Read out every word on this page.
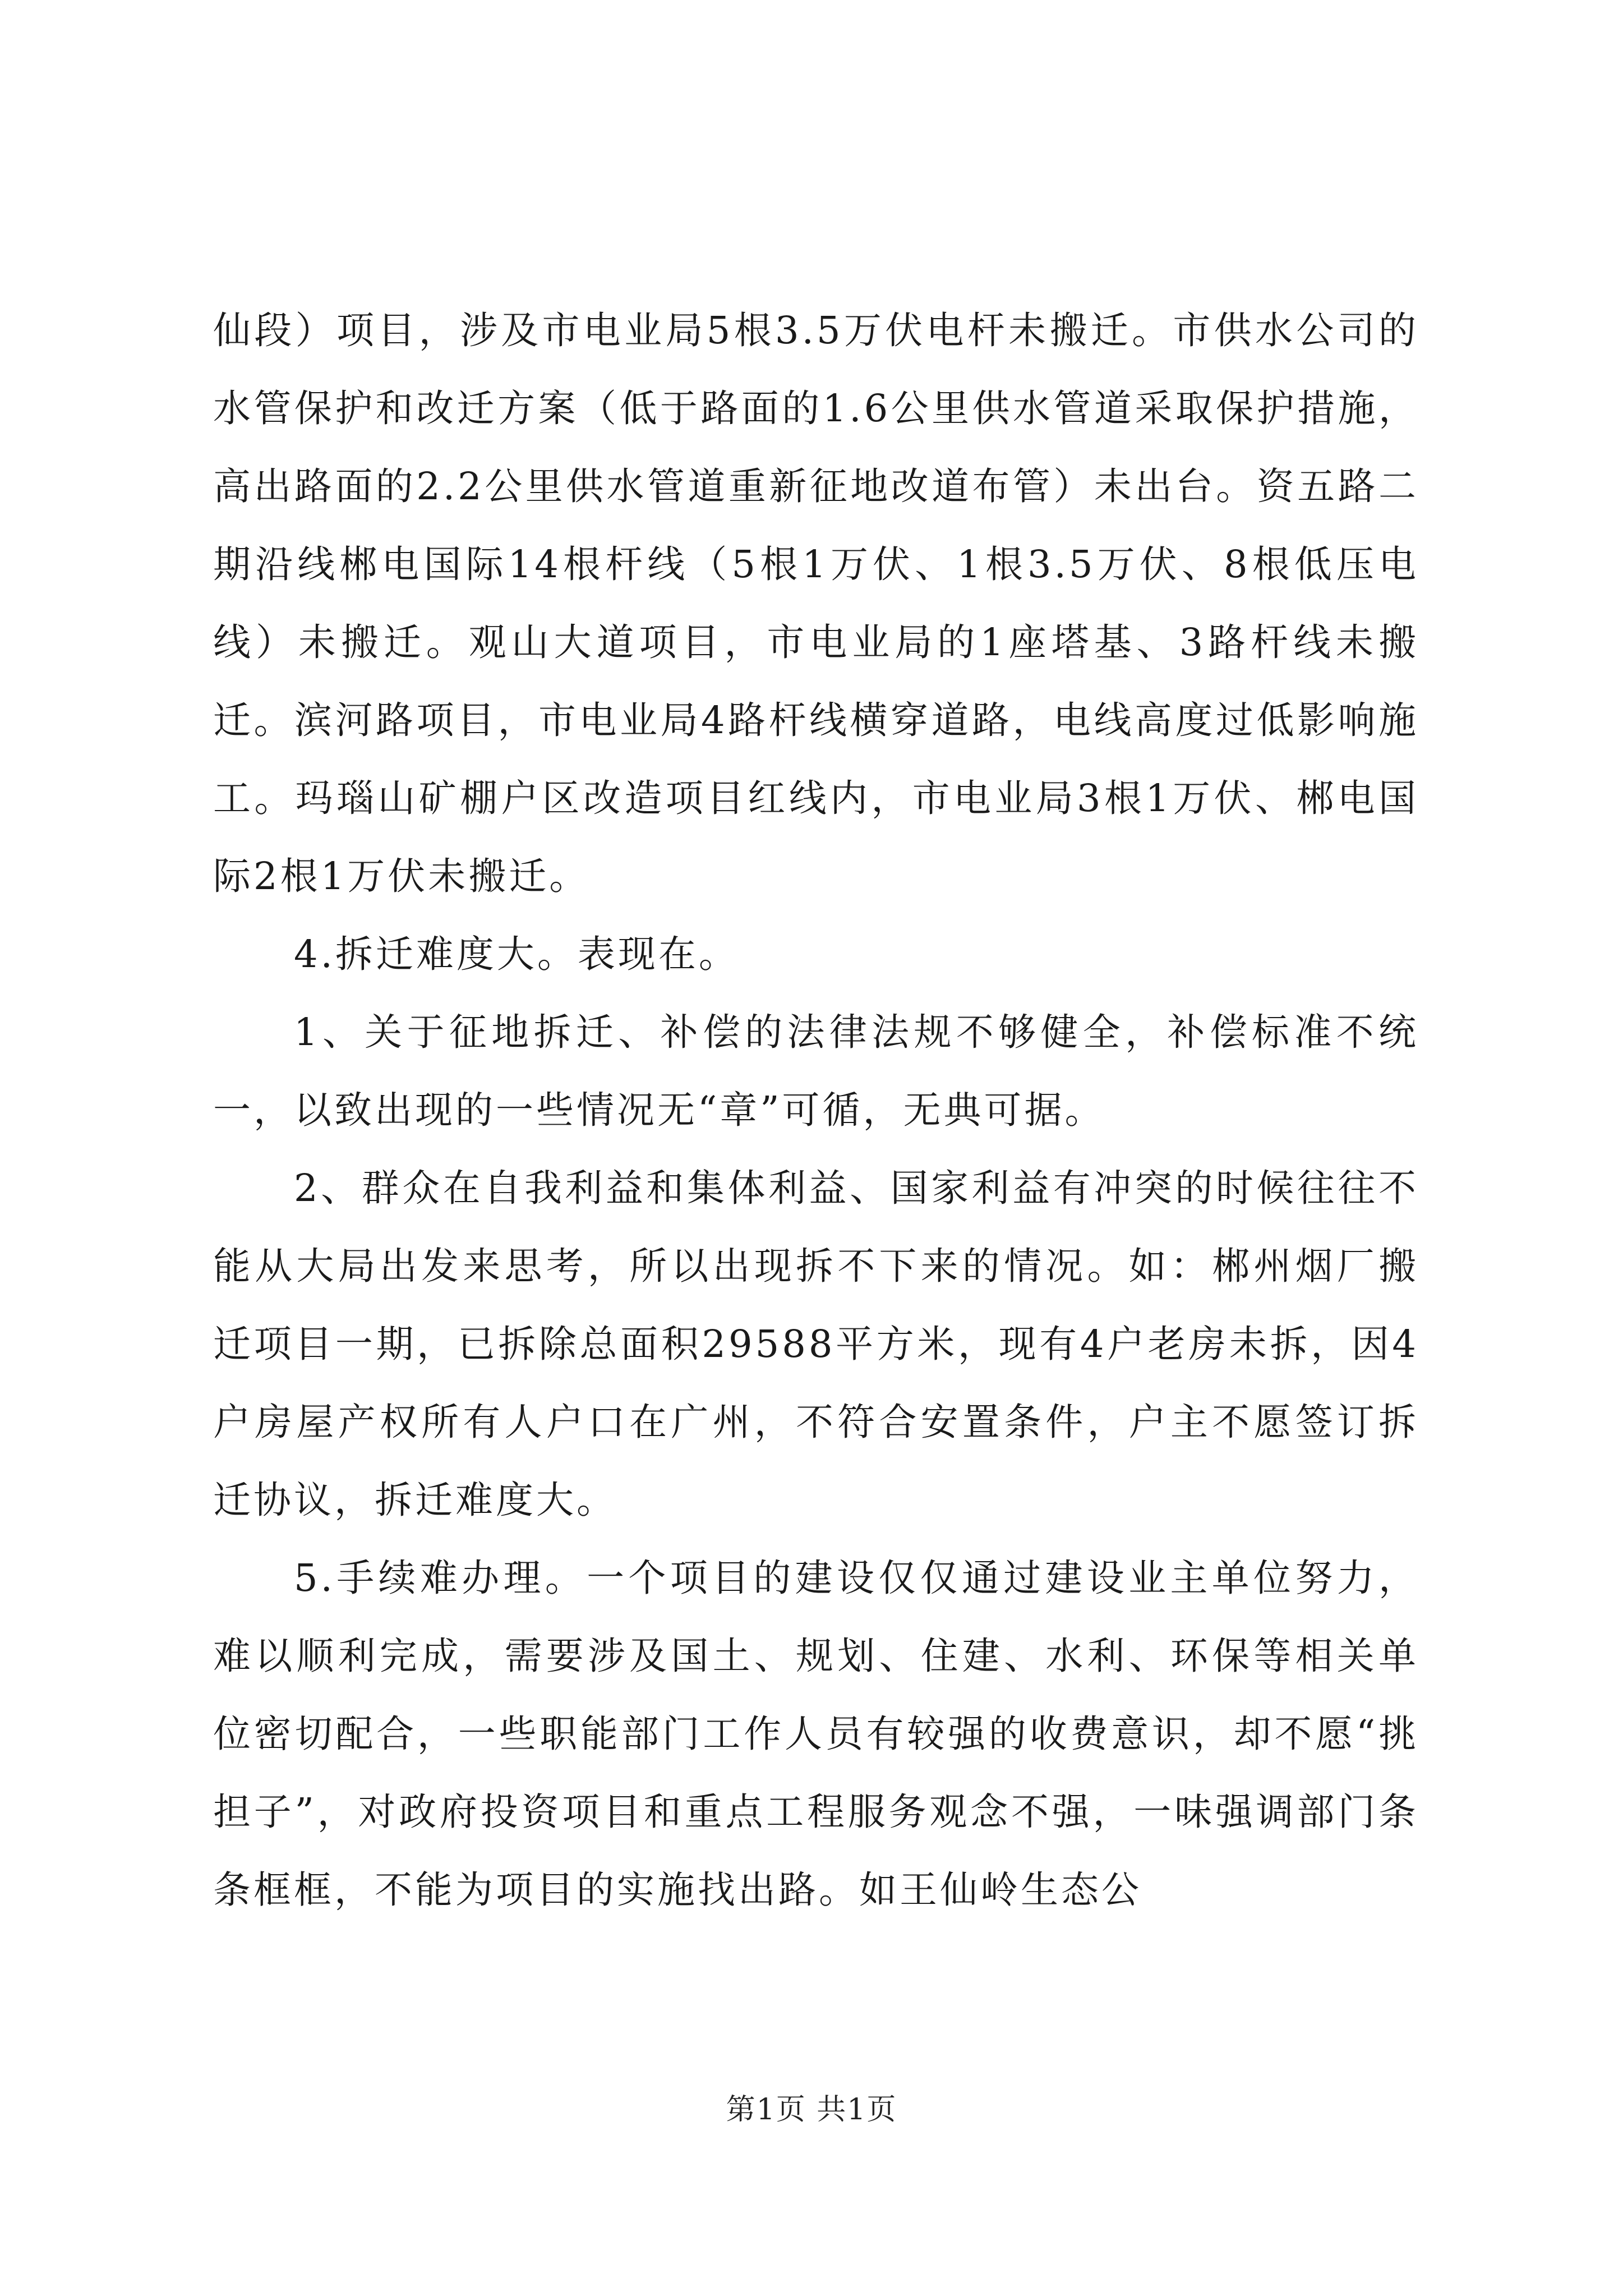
仙段）项目，涉及市电业局5根3.5万伏电杆未搬迁。市供水公司的水管保护和改迁方案（低于路面的1.6公里供水管道采取保护措施，高出路面的2.2公里供水管道重新征地改道布管）未出台。资五路二期沿线郴电国际14根杆线（5根1万伏、1根3.5万伏、8根低压电线）未搬迁。观山大道项目，市电业局的1座塔基、3路杆线未搬迁。滨河路项目，市电业局4路杆线横穿道路，电线高度过低影响施工。玛瑙山矿棚户区改造项目红线内，市电业局3根1万伏、郴电国际2根1万伏未搬迁。

4.拆迁难度大。表现在。

1、关于征地拆迁、补偿的法律法规不够健全，补偿标准不统一，以致出现的一些情况无“章”可循，无典可据。

2、群众在自我利益和集体利益、国家利益有冲突的时候往往不能从大局出发来思考，所以出现拆不下来的情况。如：郴州烟厂搬迁项目一期，已拆除总面积29588平方米，现有4户老房未拆，因4户房屋产权所有人户口在广州，不符合安置条件，户主不愿签订拆迁协议，拆迁难度大。

5.手续难办理。一个项目的建设仅仅通过建设业主单位努力，难以顺利完成，需要涉及国土、规划、住建、水利、环保等相关单位密切配合，一些职能部门工作人员有较强的收费意识，却不愿“挑担子”，对政府投资项目和重点工程服务观念不强，一味强调部门条条框框，不能为项目的实施找出路。如王仙岭生态公

第1页 共1页
